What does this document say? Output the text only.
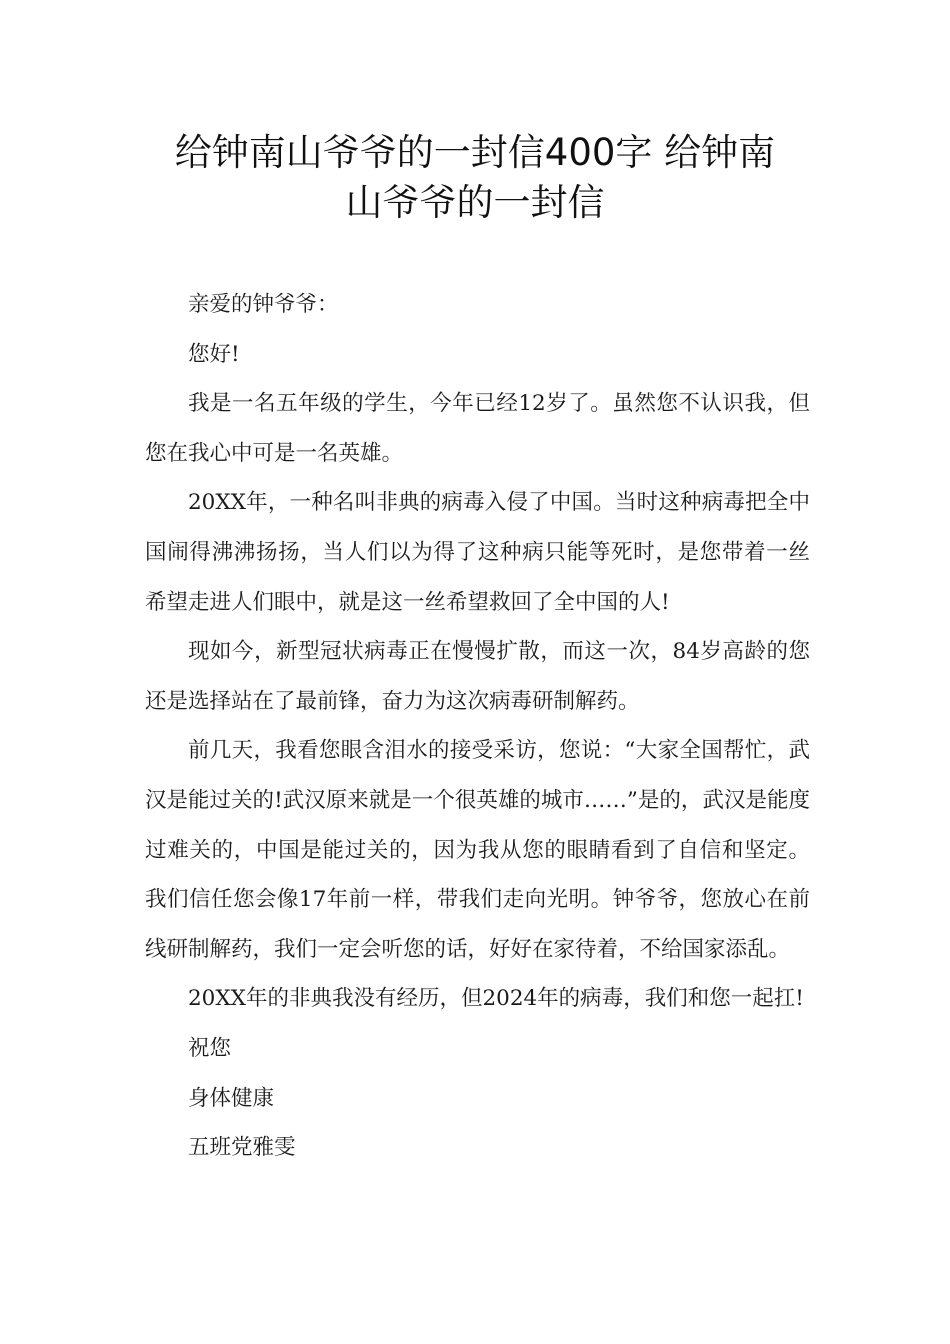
给钟南山爷爷的一封信400字 给钟南
山爷爷的一封信

亲爱的钟爷爷：

您好!

我是一名五年级的学生，今年已经12岁了。虽然您不认识我，但您在我心中可是一名英雄。

20XX年，一种名叫非典的病毒入侵了中国。当时这种病毒把全中国闹得沸沸扬扬，当人们以为得了这种病只能等死时，是您带着一丝希望走进人们眼中，就是这一丝希望救回了全中国的人!

现如今，新型冠状病毒正在慢慢扩散，而这一次，84岁高龄的您还是选择站在了最前锋，奋力为这次病毒研制解药。

前几天，我看您眼含泪水的接受采访，您说：“大家全国帮忙，武汉是能过关的!武汉原来就是一个很英雄的城市……”是的，武汉是能度过难关的，中国是能过关的，因为我从您的眼睛看到了自信和坚定。我们信任您会像17年前一样，带我们走向光明。钟爷爷，您放心在前线研制解药，我们一定会听您的话，好好在家待着，不给国家添乱。

20XX年的非典我没有经历，但2024年的病毒，我们和您一起扛!

祝您

身体健康

五班党雅雯
